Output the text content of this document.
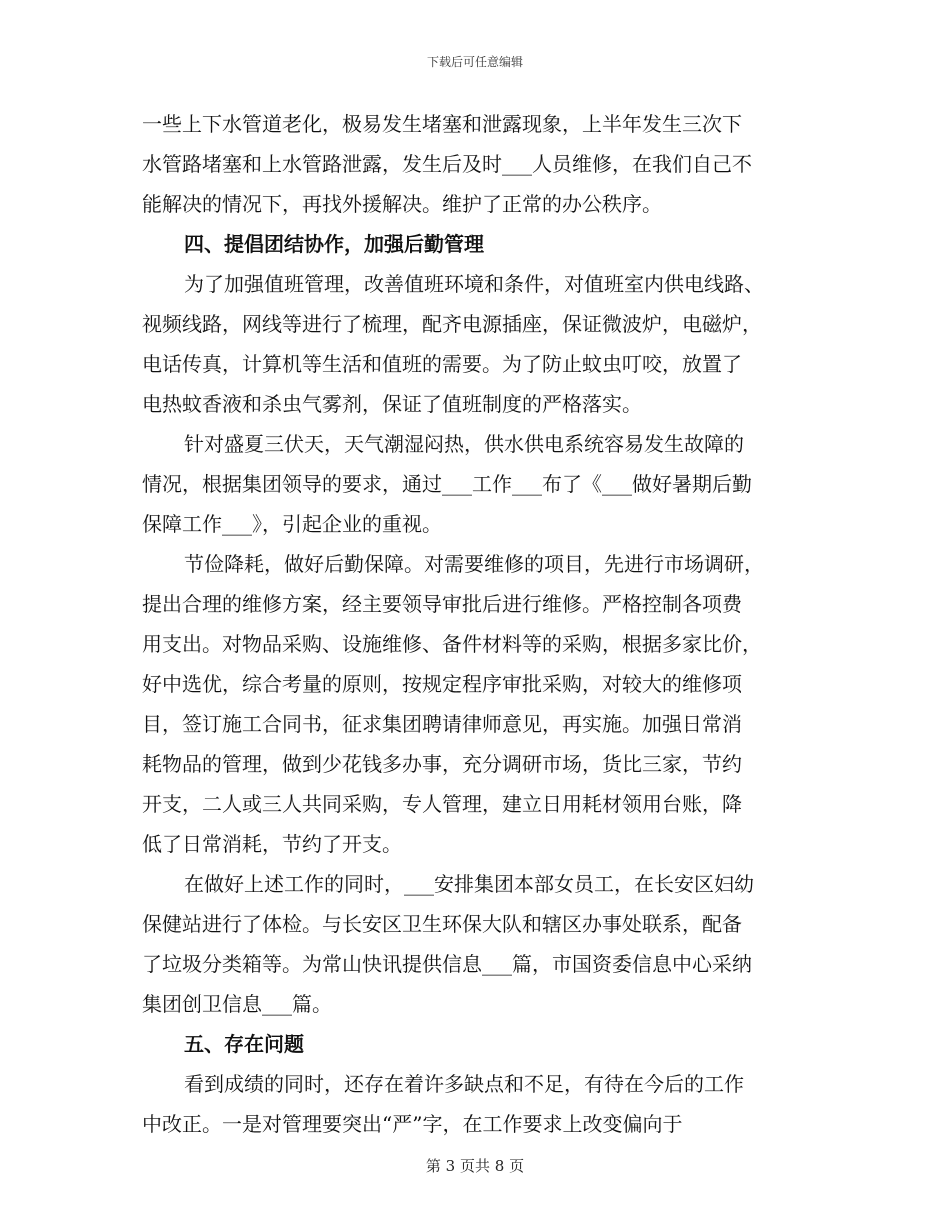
下载后可任意编辑
一些上下水管道老化，极易发生堵塞和泄露现象，上半年发生三次下
水管路堵塞和上水管路泄露，发生后及时___人员维修，在我们自己不
能解决的情况下，再找外援解决。维护了正常的办公秩序。
四、提倡团结协作，加强后勤管理
为了加强值班管理，改善值班环境和条件，对值班室内供电线路、
视频线路，网线等进行了梳理，配齐电源插座，保证微波炉，电磁炉，
电话传真，计算机等生活和值班的需要。为了防止蚊虫叮咬，放置了
电热蚊香液和杀虫气雾剂，保证了值班制度的严格落实。
针对盛夏三伏天，天气潮湿闷热，供水供电系统容易发生故障的
情况，根据集团领导的要求，通过___工作___布了《___做好暑期后勤
保障工作___》，引起企业的重视。
节俭降耗，做好后勤保障。对需要维修的项目，先进行市场调研，
提出合理的维修方案，经主要领导审批后进行维修。严格控制各项费
用支出。对物品采购、设施维修、备件材料等的采购，根据多家比价，
好中选优，综合考量的原则，按规定程序审批采购，对较大的维修项
目，签订施工合同书，征求集团聘请律师意见，再实施。加强日常消
耗物品的管理，做到少花钱多办事，充分调研市场，货比三家，节约
开支，二人或三人共同采购，专人管理，建立日用耗材领用台账，降
低了日常消耗，节约了开支。
在做好上述工作的同时，___安排集团本部女员工，在长安区妇幼
保健站进行了体检。与长安区卫生环保大队和辖区办事处联系，配备
了垃圾分类箱等。为常山快讯提供信息___篇，市国资委信息中心采纳
集团创卫信息___篇。
五、存在问题
看到成绩的同时，还存在着许多缺点和不足，有待在今后的工作
中改正。一是对管理要突出“严”字，在工作要求上改变偏向于
第 3 页共 8 页
